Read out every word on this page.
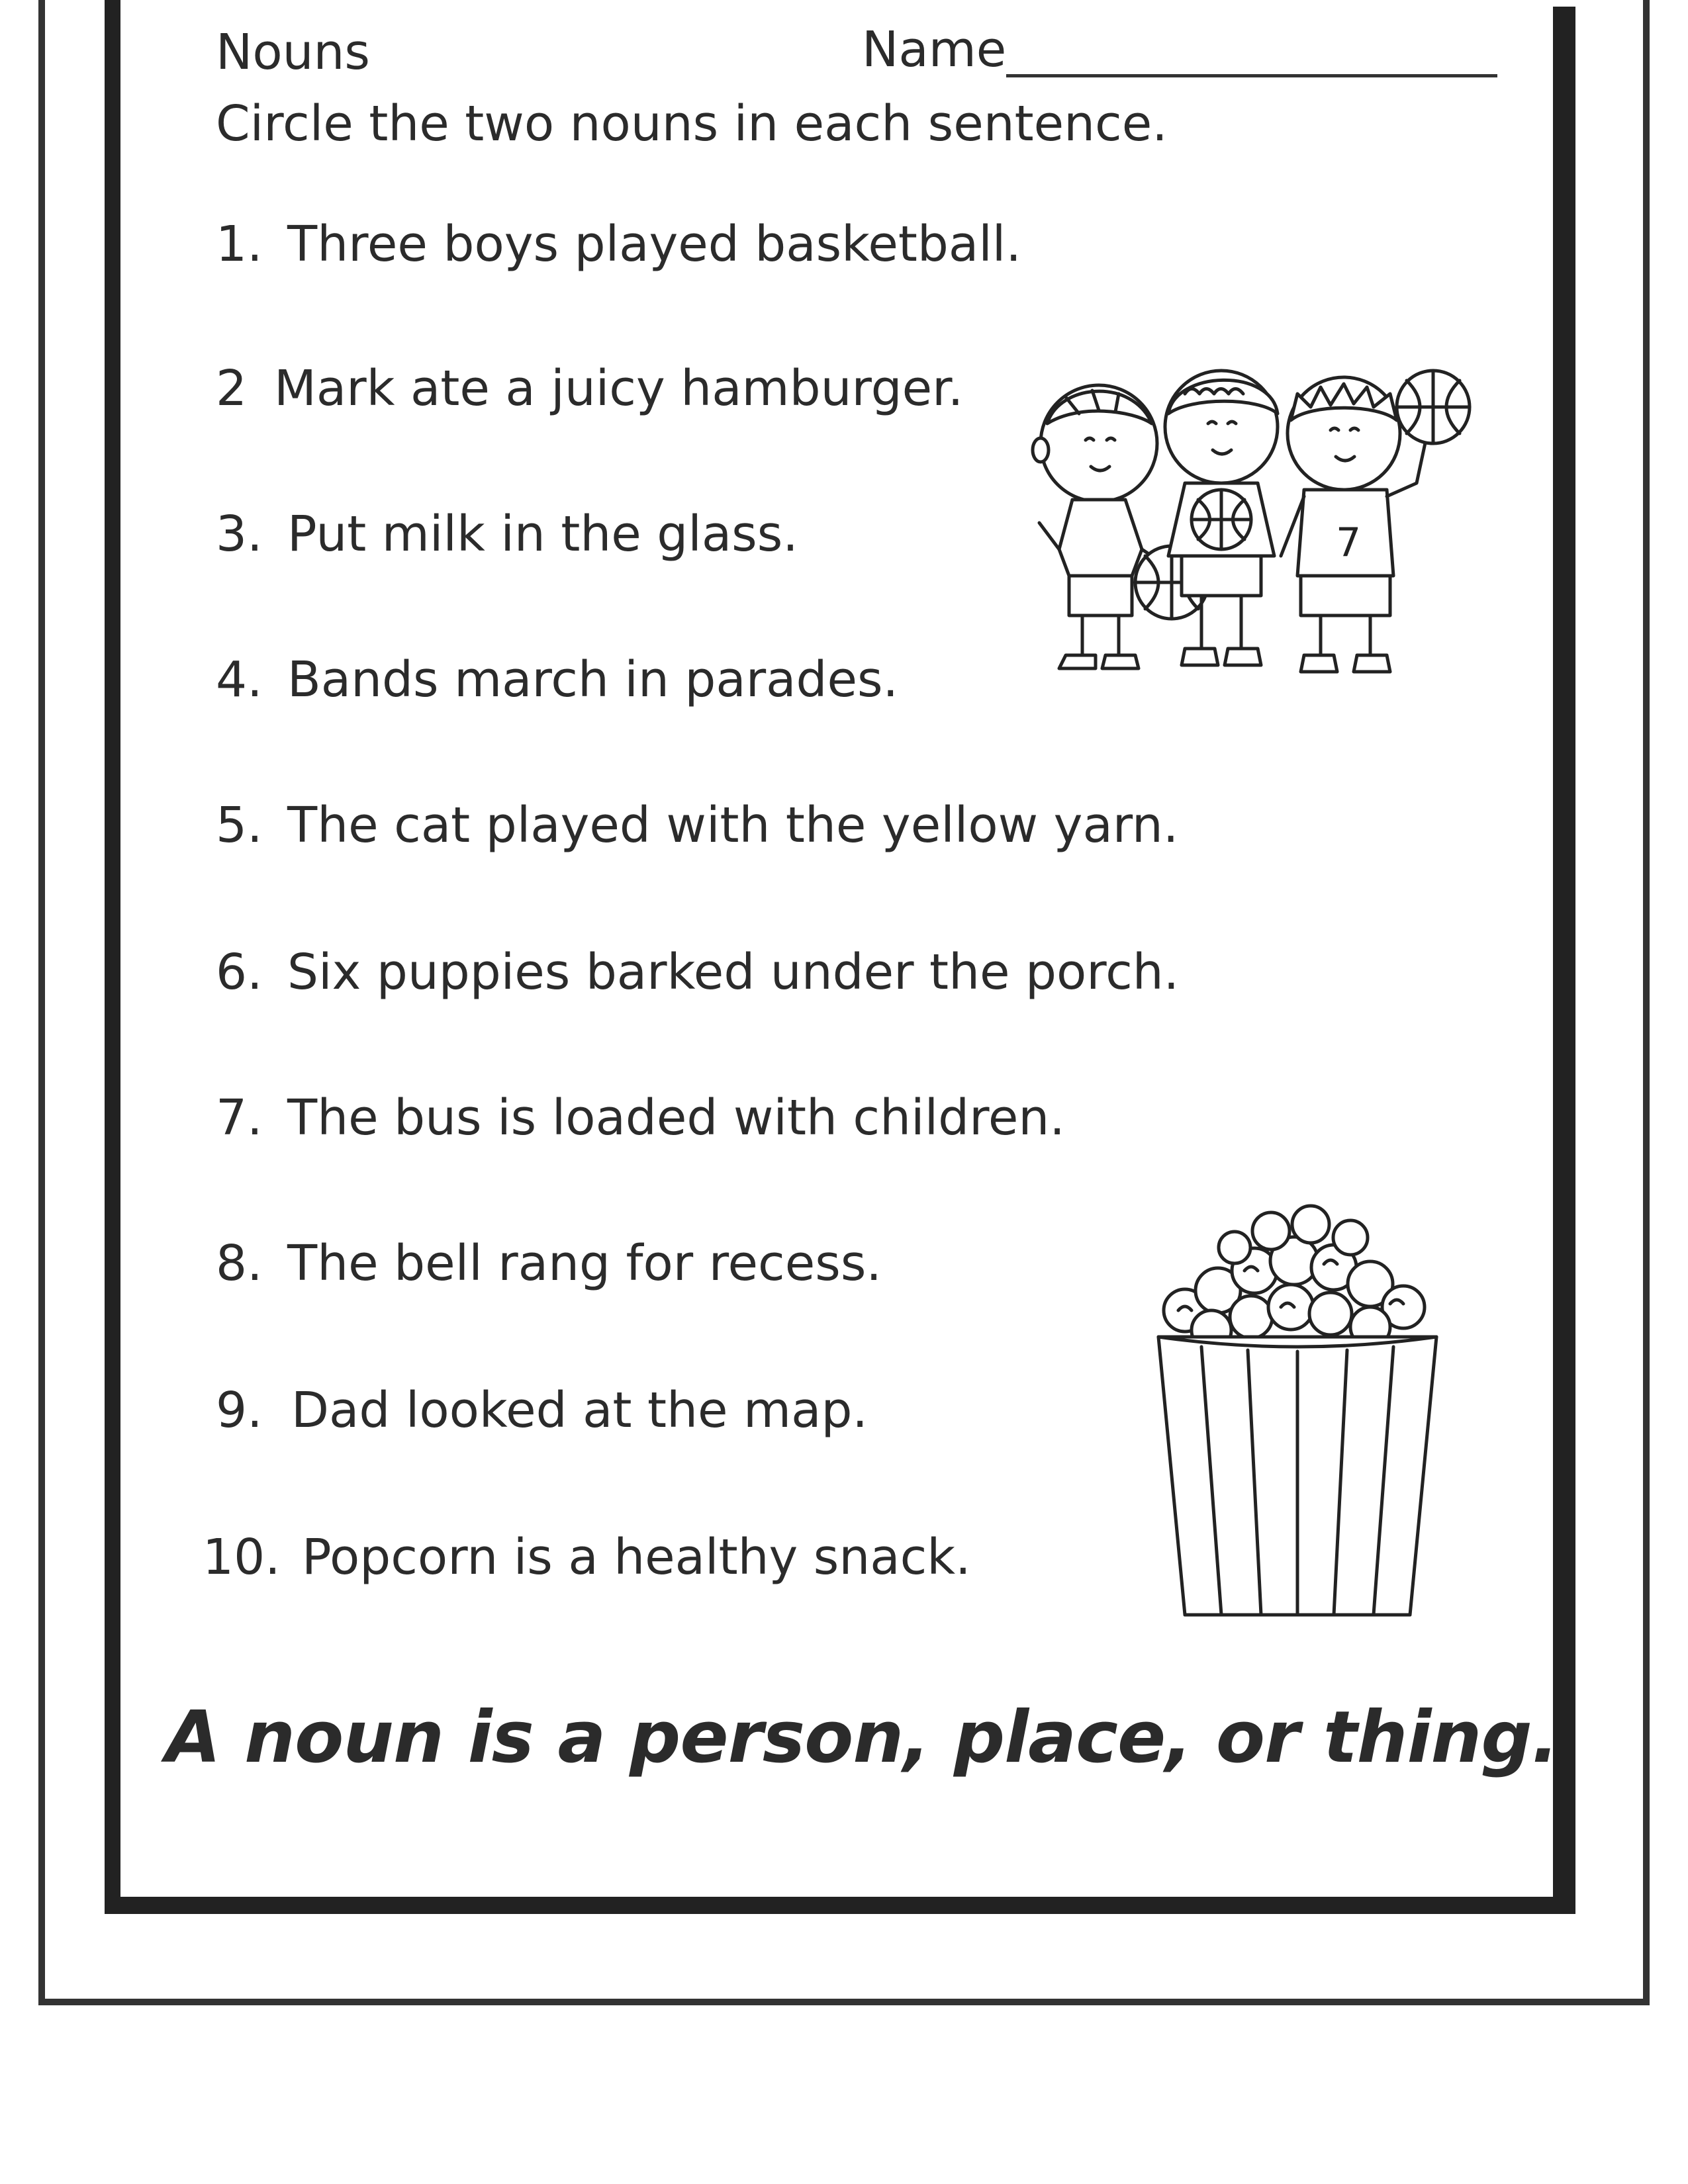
Nouns	Name
Circle the two nouns in each sentence.
1. Three boys played basketball.
2 Mark ate a juicy hamburger.
3. Put milk in the glass.
4. Bands march in parades.
5. The cat played with the yellow yarn.
6. Six puppies barked under the porch.
7. The bus is loaded with children.
8. The bell rang for recess.
9. Dad looked at the map.
10. Popcorn is a healthy snack.
7
A noun is a person, place, or thing.
